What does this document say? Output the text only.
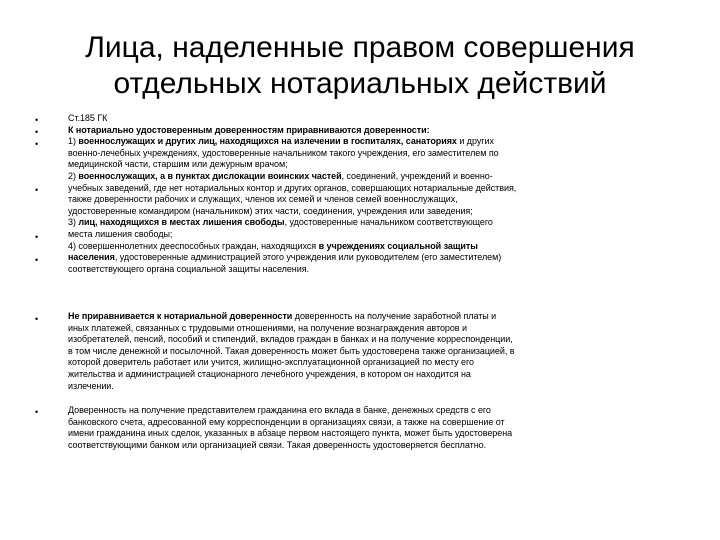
Лица, наделенные правом совершения
отдельных нотариальных действий
•
•
•
•
•
•
•
•
Ст.185 ГК
К нотариально удостоверенным доверенностям приравниваются доверенности:
1) военнослужащих и других лиц, находящихся на излечении в госпиталях, санаториях и других
военно-лечебных учреждениях, удостоверенные начальником такого учреждения, его заместителем по
медицинской части, старшим или дежурным врачом;
2) военнослужащих, а в пунктах дислокации воинских частей, соединений, учреждений и военно-
учебных заведений, где нет нотариальных контор и других органов, совершающих нотариальные действия,
также доверенности рабочих и служащих, членов их семей и членов семей военнослужащих,
удостоверенные командиром (начальником) этих части, соединения, учреждения или заведения;
3) лиц, находящихся в местах лишения свободы, удостоверенные начальником соответствующего
места лишения свободы;
4) совершеннолетних дееспособных граждан, находящихся в учреждениях социальной защиты
населения, удостоверенные администрацией этого учреждения или руководителем (его заместителем)
соответствующего органа социальной защиты населения.
Не приравнивается к нотариальной доверенности доверенность на получение заработной платы и
иных платежей, связанных с трудовыми отношениями, на получение вознаграждения авторов и
изобретателей, пенсий, пособий и стипендий, вкладов граждан в банках и на получение корреспонденции,
в том числе денежной и посылочной. Такая доверенность может быть удостоверена также организацией, в
которой доверитель работает или учится, жилищно-эксплуатационной организацией по месту его
жительства и администрацией стационарного лечебного учреждения, в котором он находится на
излечении.
Доверенность на получение представителем гражданина его вклада в банке, денежных средств с его
банковского счета, адресованной ему корреспонденции в организациях связи, а также на совершение от
имени гражданина иных сделок, указанных в абзаце первом настоящего пункта, может быть удостоверена
соответствующими банком или организацией связи. Такая доверенность удостоверяется бесплатно.
